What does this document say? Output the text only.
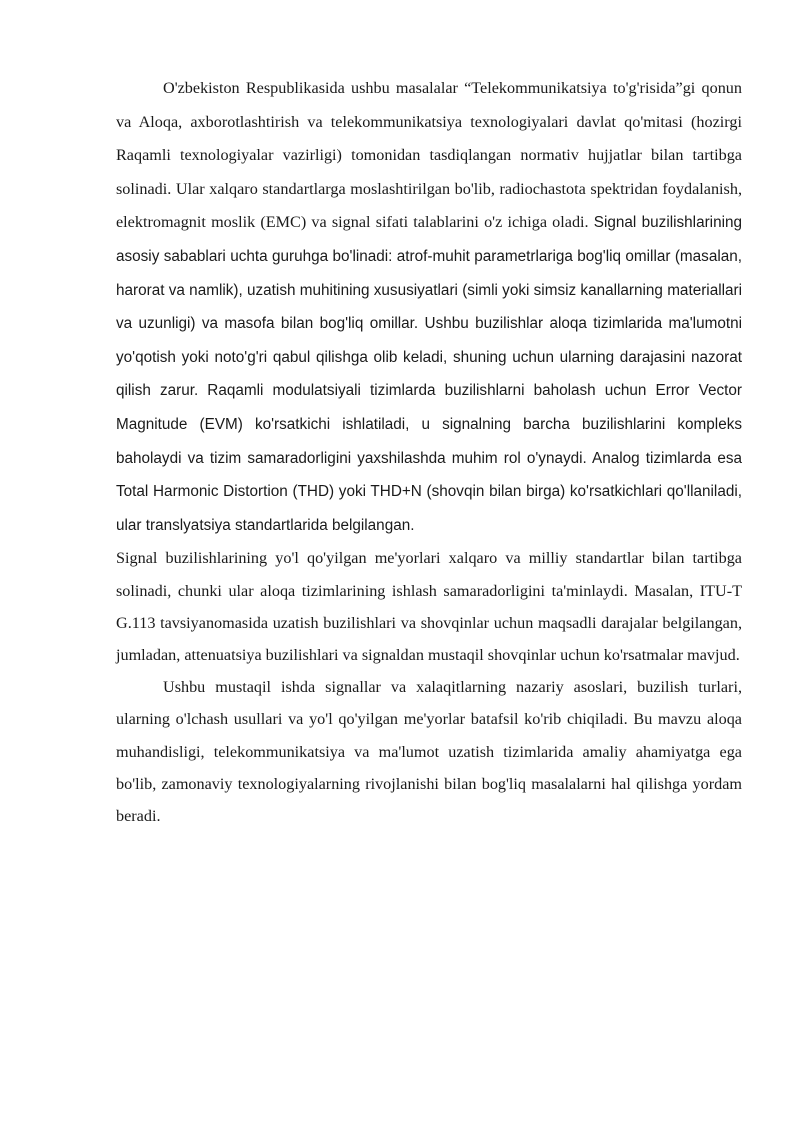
O'zbekiston Respublikasida ushbu masalalar “Telekommunikatsiya to'g'risida”gi qonun va Aloqa, axborotlashtirish va telekommunikatsiya texnologiyalari davlat qo'mitasi (hozirgi Raqamli texnologiyalar vazirligi) tomonidan tasdiqlangan normativ hujjatlar bilan tartibga solinadi. Ular xalqaro standartlarga moslashtirilgan bo'lib, radiochastota spektridan foydalanish, elektromagnit moslik (EMC) va signal sifati talablarini o'z ichiga oladi. Signal buzilishlarining asosiy sabablari uchta guruhga bo'linadi: atrof-muhit parametrlariga bog'liq omillar (masalan, harorat va namlik), uzatish muhitining xususiyatlari (simli yoki simsiz kanallarning materiallari va uzunligi) va masofa bilan bog'liq omillar. Ushbu buzilishlar aloqa tizimlarida ma'lumotni yo'qotish yoki noto'g'ri qabul qilishga olib keladi, shuning uchun ularning darajasini nazorat qilish zarur. Raqamli modulatsiyali tizimlarda buzilishlarni baholash uchun Error Vector Magnitude (EVM) ko'rsatkichi ishlatiladi, u signalning barcha buzilishlarini kompleks baholaydi va tizim samaradorligini yaxshilashda muhim rol o'ynaydi. Analog tizimlarda esa Total Harmonic Distortion (THD) yoki THD+N (shovqin bilan birga) ko'rsatkichlari qo'llaniladi, ular translyatsiya standartlarida belgilangan.

Signal buzilishlarining yo'l qo'yilgan me'yorlari xalqaro va milliy standartlar bilan tartibga solinadi, chunki ular aloqa tizimlarining ishlash samaradorligini ta'minlaydi. Masalan, ITU-T G.113 tavsiyanomasida uzatish buzilishlari va shovqinlar uchun maqsadli darajalar belgilangan, jumladan, attenuatsiya buzilishlari va signaldan mustaqil shovqinlar uchun ko'rsatmalar mavjud.

Ushbu mustaqil ishda signallar va xalaqitlarning nazariy asoslari, buzilish turlari, ularning o'lchash usullari va yo'l qo'yilgan me'yorlar batafsil ko'rib chiqiladi. Bu mavzu aloqa muhandisligi, telekommunikatsiya va ma'lumot uzatish tizimlarida amaliy ahamiyatga ega bo'lib, zamonaviy texnologiyalarning rivojlanishi bilan bog'liq masalalarni hal qilishga yordam beradi.
